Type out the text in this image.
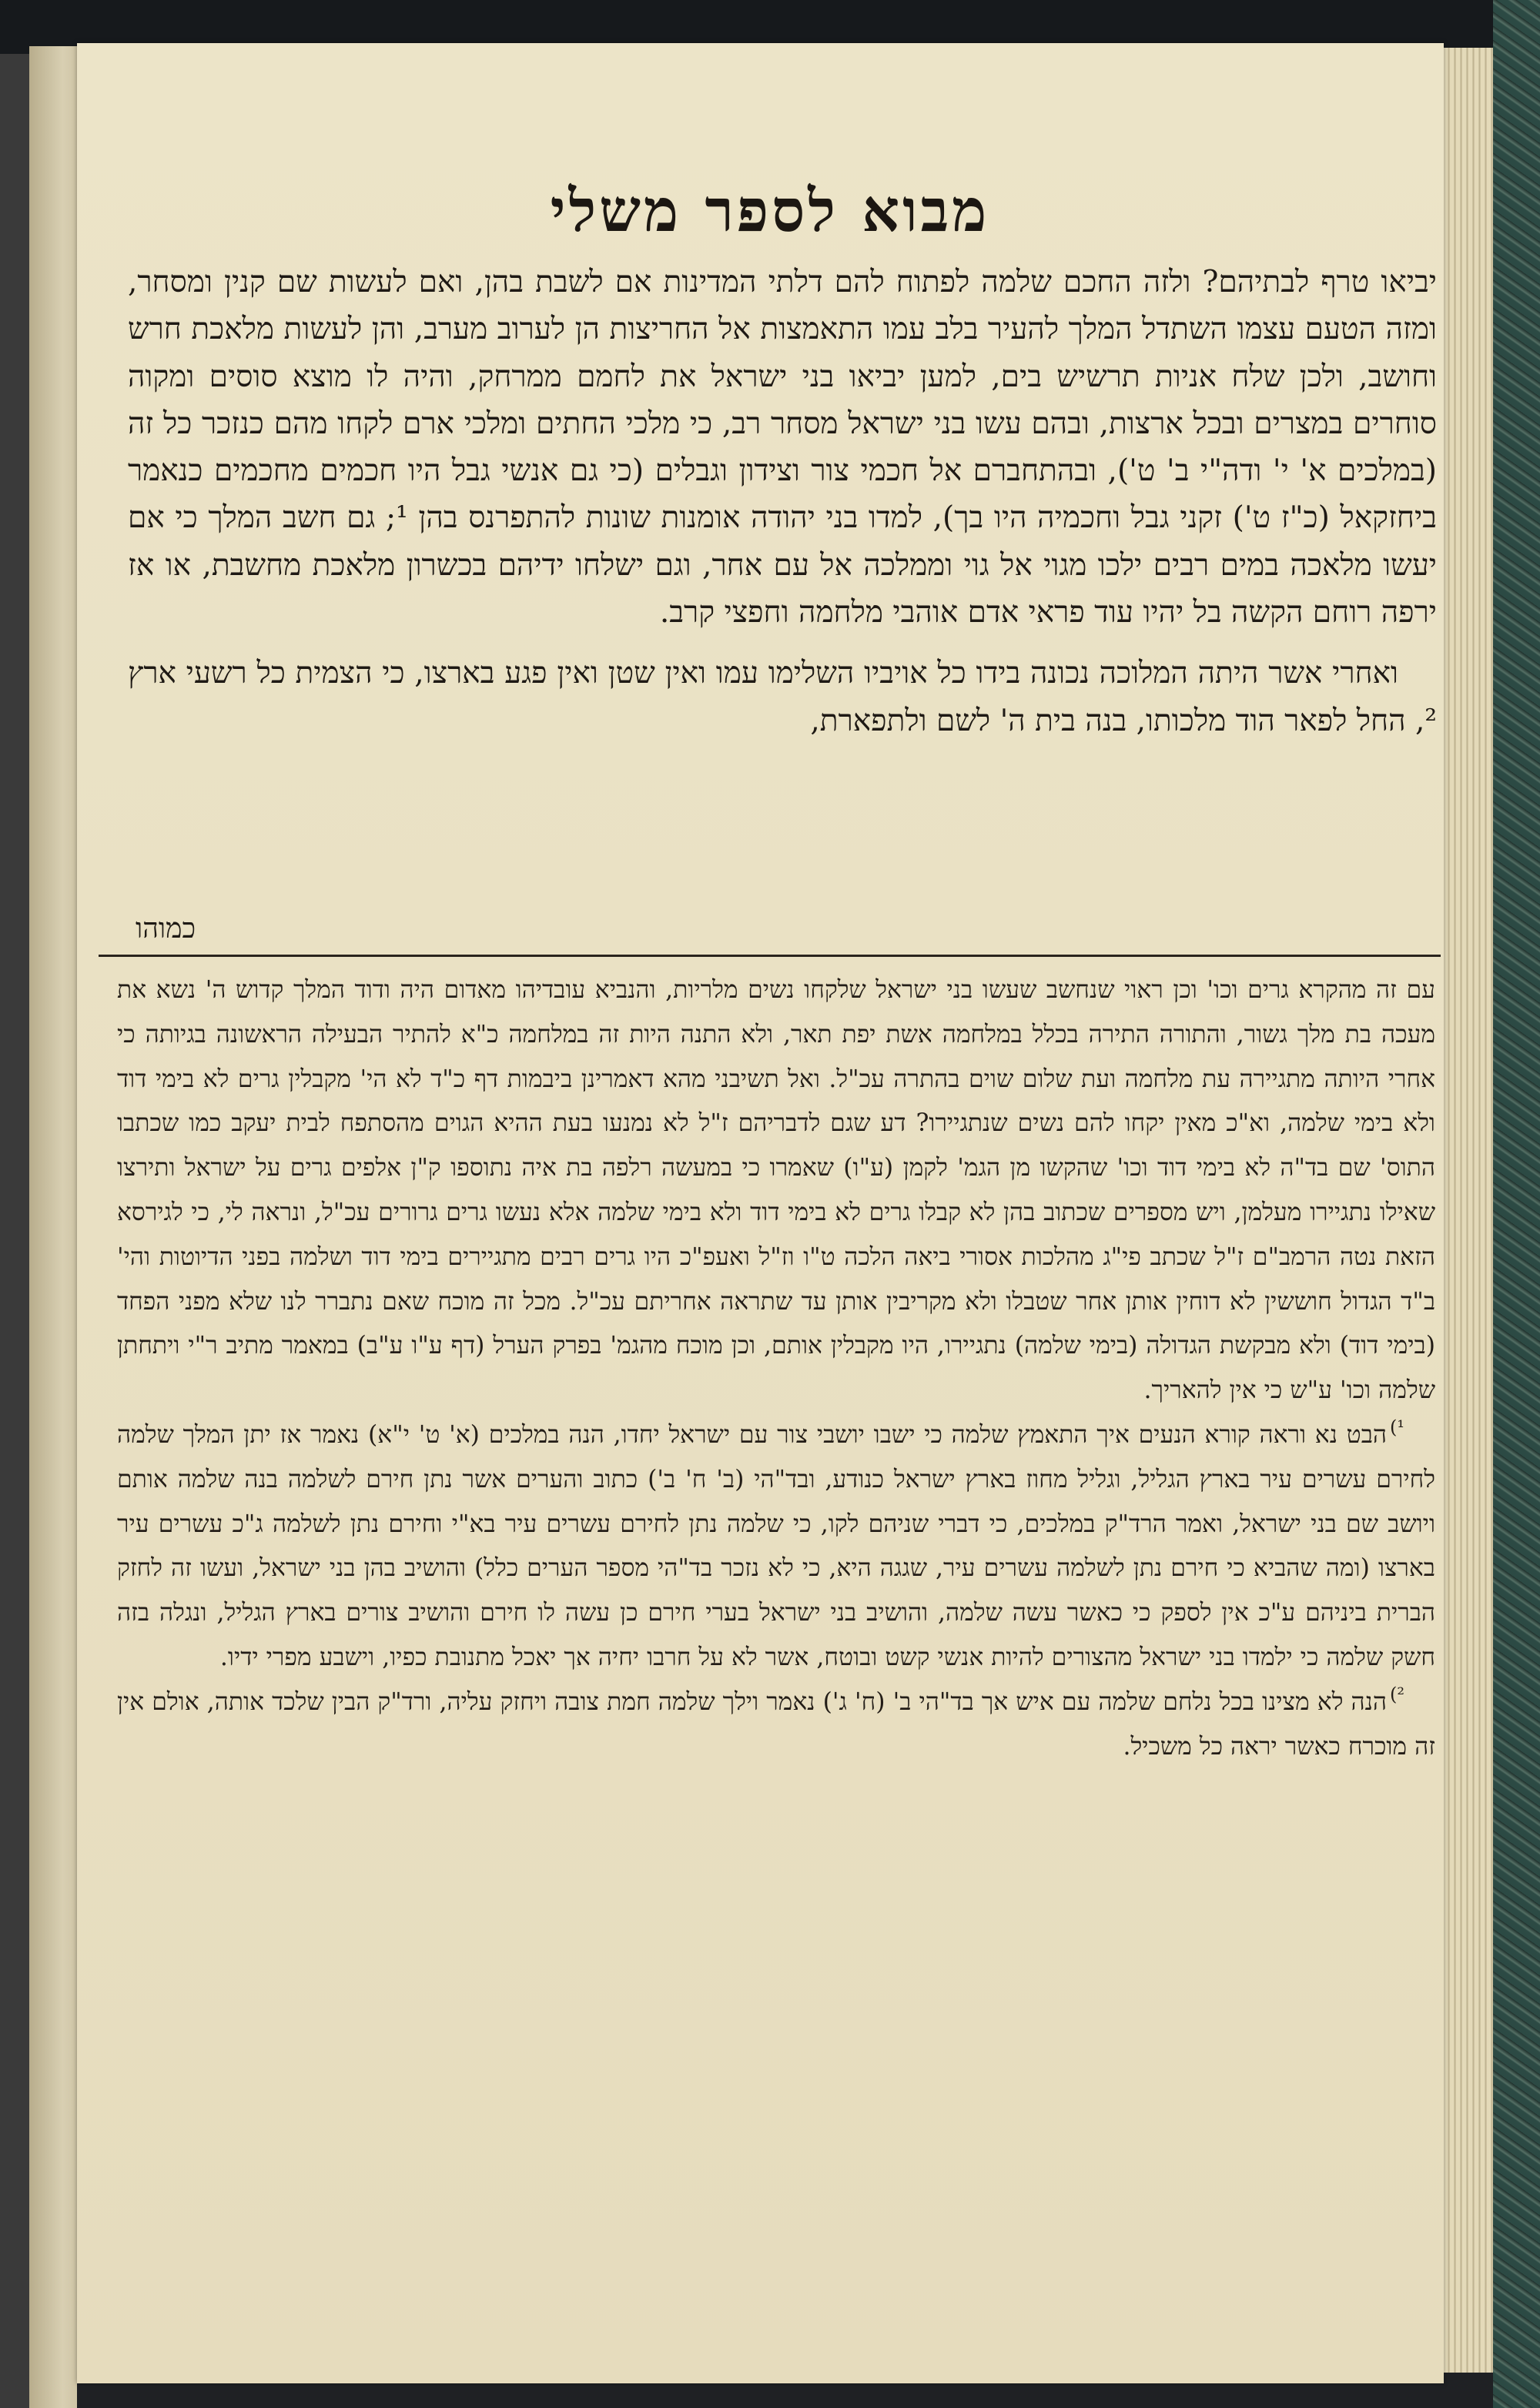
מבוא לספר משלי

יביאו טרף לבתיהם? ולזה החכם שלמה לפתוח להם דלתי המדינות אם לשבת בהן, ואם לעשות שם קנין ומסחר, ומזה הטעם עצמו השתדל המלך להעיר בלב עמו התאמצות אל החריצות הן לערוב מערב, והן לעשות מלאכת חרש וחושב, ולכן שלח אניות תרשיש בים, למען יביאו בני ישראל את לחמם ממרחק, והיה לו מוצא סוסים ומקוה סוחרים במצרים ובכל ארצות, ובהם עשו בני ישראל מסחר רב, כי מלכי החתים ומלכי ארם לקחו מהם כנזכר כל זה (במלכים א' י' ודה"י ב' ט'), ובהתחברם אל חכמי צור וצידון וגבלים (כי גם אנשי גבל היו חכמים מחכמים כנאמר ביחזקאל (כ"ז ט') זקני גבל וחכמיה היו בך), למדו בני יהודה אומנות שונות להתפרנס בהן ¹; גם חשב המלך כי אם יעשו מלאכה במים רבים ילכו מגוי אל גוי וממלכה אל עם אחר, וגם ישלחו ידיהם בכשרון מלאכת מחשבת, או אז ירפה רוחם הקשה בל יהיו עוד פראי אדם אוהבי מלחמה וחפצי קרב.

ואחרי אשר היתה המלוכה נכונה בידו כל אויביו השלימו עמו ואין שטן ואין פגע בארצו, כי הצמית כל רשעי ארץ ², החל לפאר הוד מלכותו, בנה בית ה' לשם ולתפארת,

כמוהו

עם זה מהקרא גרים וכו' וכן ראוי שנחשב שעשו בני ישראל שלקחו נשים מלריות, והנביא עובדיהו מאדום היה ודוד המלך קדוש ה' נשא את מעכה בת מלך גשור, והתורה התירה בכלל במלחמה אשת יפת תאר, ולא התנה היות זה במלחמה כ"א להתיר הבעילה הראשונה בגיותה כי אחרי היותה מתגיירה עת מלחמה ועת שלום שוים בהתרה עכ"ל. ואל תשיבני מהא דאמרינן ביבמות דף כ"ד לא הי' מקבלין גרים לא בימי דוד ולא בימי שלמה, וא"כ מאין יקחו להם נשים שנתגיירו? דע שגם לדבריהם ז"ל לא נמנעו בעת ההיא הגוים מהסתפח לבית יעקב כמו שכתבו התוס' שם בד"ה לא בימי דוד וכו' שהקשו מן הגמ' לקמן (ע"ו) שאמרו כי במעשה רלפה בת איה נתוספו ק"ן אלפים גרים על ישראל ותירצו שאילו נתגיירו מעלמן, ויש מספרים שכתוב בהן לא קבלו גרים לא בימי דוד ולא בימי שלמה אלא נעשו גרים גרורים עכ"ל, ונראה לי, כי לגירסא הזאת נטה הרמב"ם ז"ל שכתב פי"ג מהלכות אסורי ביאה הלכה ט"ו וז"ל ואעפ"כ היו גרים רבים מתגיירים בימי דוד ושלמה בפני הדיוטות והי' ב"ד הגדול חוששין לא דוחין אותן אחר שטבלו ולא מקריבין אותן עד שתראה אחריתם עכ"ל. מכל זה מוכח שאם נתברר לנו שלא מפני הפחד (בימי דוד) ולא מבקשת הגדולה (בימי שלמה) נתגיירו, היו מקבלין אותם, וכן מוכח מהגמ' בפרק הערל (דף ע"ו ע"ב) במאמר מתיב ר"י ויתחתן שלמה וכו' ע"ש כי אין להאריך.

$^{^1)}$הבט נא וראה קורא הנעים איך התאמץ שלמה כי ישבו יושבי צור עם ישראל יחדו, הנה במלכים (א' ט' י"א) נאמר אז יתן המלך שלמה לחירם עשרים עיר בארץ הגליל, וגליל מחוז בארץ ישראל כנודע, ובד"הי (ב' ח' ב') כתוב והערים אשר נתן חירם לשלמה בנה שלמה אותם ויושב שם בני ישראל, ואמר הרד"ק במלכים, כי דברי שניהם לקו, כי שלמה נתן לחירם עשרים עיר בא"י וחירם נתן לשלמה ג"כ עשרים עיר בארצו (ומה שהביא כי חירם נתן לשלמה עשרים עיר, שגגה היא, כי לא נזכר בד"הי מספר הערים כלל) והושיב בהן בני ישראל, ועשו זה לחזק הברית ביניהם ע"כ אין לספק כי כאשר עשה שלמה, והושיב בני ישראל בערי חירם כן עשה לו חירם והושיב צורים בארץ הגליל, ונגלה בזה חשק שלמה כי ילמדו בני ישראל מהצורים להיות אנשי קשט ובוטח, אשר לא על חרבו יחיה אך יאכל מתנובת כפיו, וישבע מפרי ידיו.

$^{^2)}$הנה לא מצינו בכל נלחם שלמה עם איש אך בד"הי ב' (ח' ג') נאמר וילך שלמה חמת צובה ויחזק עליה, ורד"ק הבין שלכד אותה, אולם אין זה מוכרח כאשר יראה כל משכיל.
